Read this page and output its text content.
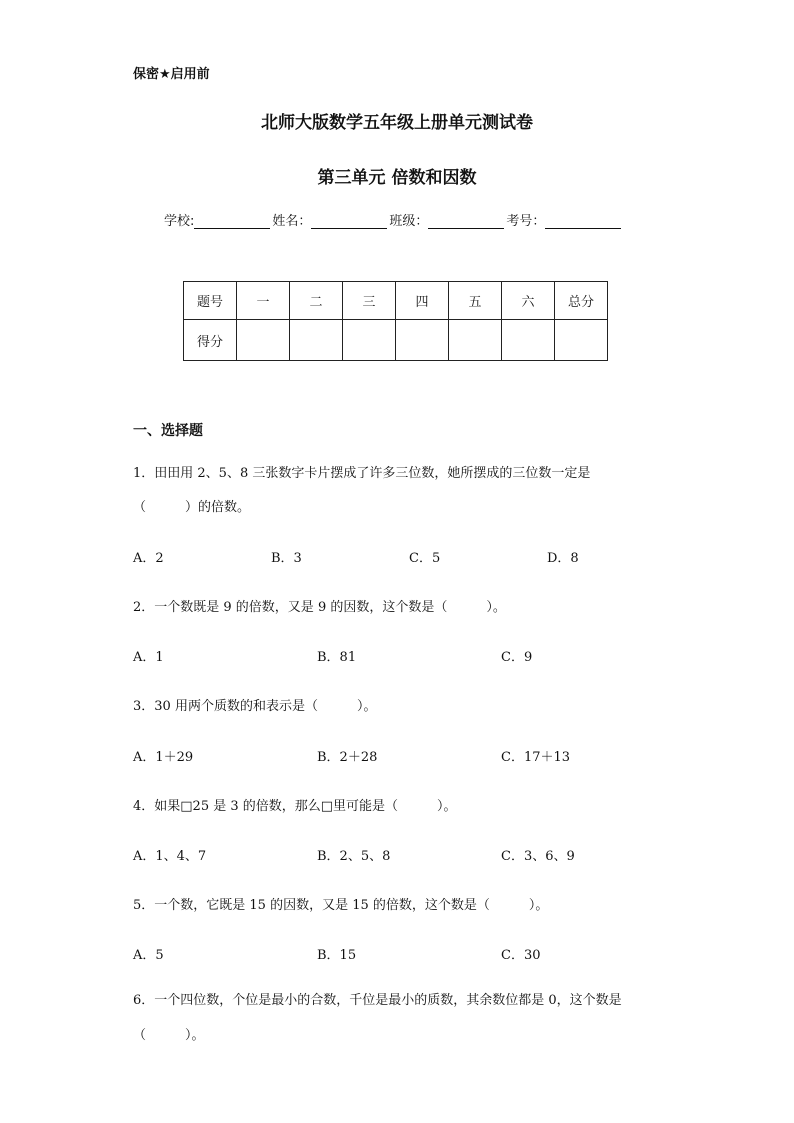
保密★启用前
北师大版数学五年级上册单元测试卷
第三单元 倍数和因数
学校:	姓名：	班级：	考号：
题号	一	二	三	四	五	六	总分
得分							
一、选择题
1．田田用 2、5、8 三张数字卡片摆成了许多三位数，她所摆成的三位数一定是
（　　　）的倍数。
A．2	B．3	C．5	D．8
2．一个数既是 9 的倍数，又是 9 的因数，这个数是（　　　）。
A．1	B．81	C．9
3．30 用两个质数的和表示是（　　　）。
A．1＋29	B．2＋28	C．17＋13
4．如果□25 是 3 的倍数，那么□里可能是（　　　）。
A．1、4、7	B．2、5、8	C．3、6、9
5．一个数，它既是 15 的因数，又是 15 的倍数，这个数是（　　　）。
A．5	B．15	C．30
6．一个四位数，个位是最小的合数，千位是最小的质数，其余数位都是 0，这个数是
（　　　）。
